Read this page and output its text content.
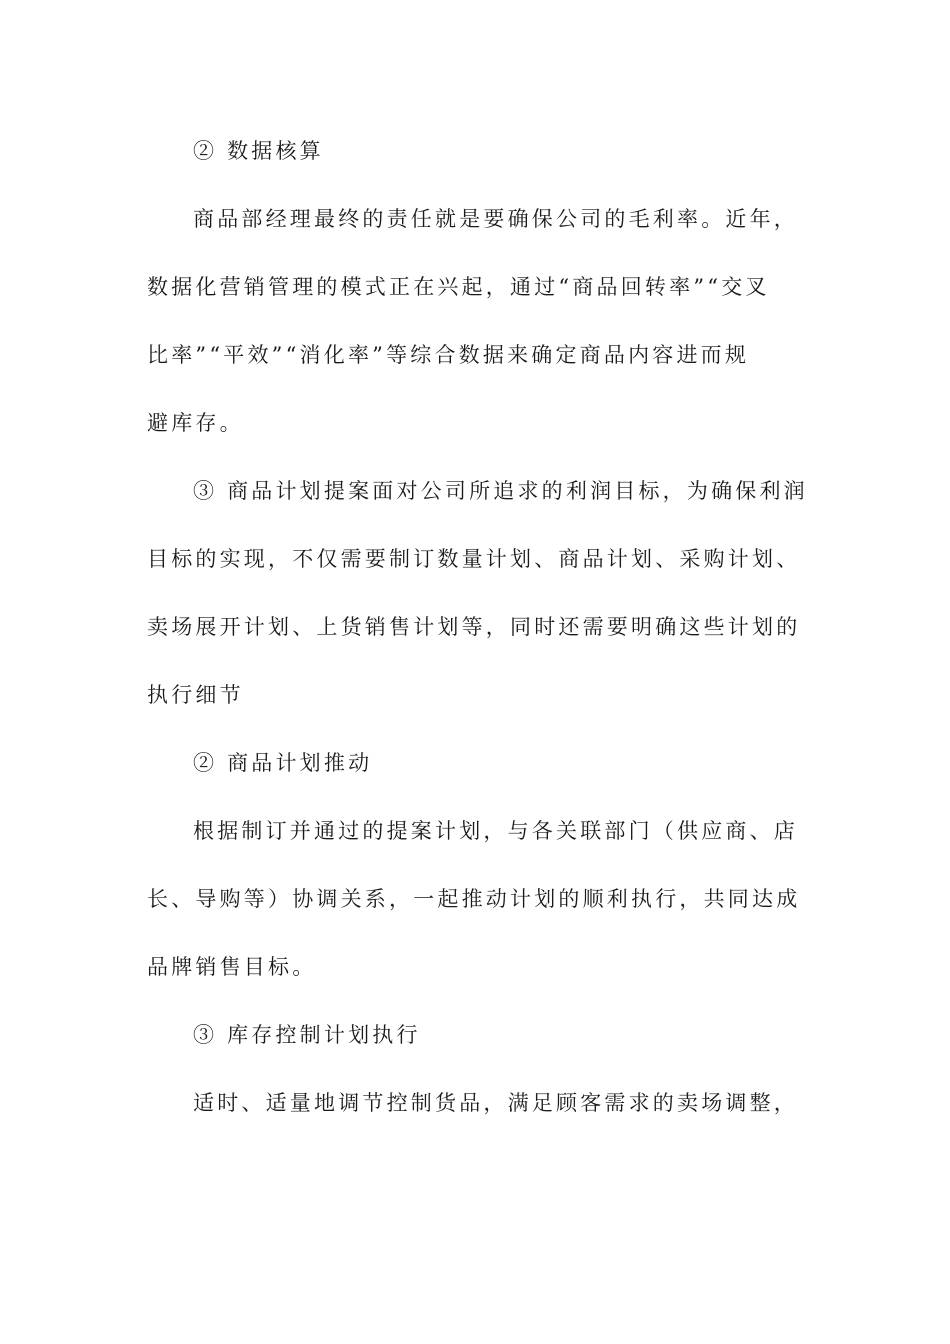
② 数据核算
商品部经理最终的责任就是要确保公司的毛利率。近年，
数据化营销管理的模式正在兴起，通过“商品回转率”“交叉
比率”“平效”“消化率”等综合数据来确定商品内容进而规
避库存。
③ 商品计划提案面对公司所追求的利润目标，为确保利润
目标的实现，不仅需要制订数量计划、商品计划、采购计划、
卖场展开计划、上货销售计划等，同时还需要明确这些计划的
执行细节
② 商品计划推动
根据制订并通过的提案计划，与各关联部门（供应商、店
长、导购等）协调关系，一起推动计划的顺利执行，共同达成
品牌销售目标。
③ 库存控制计划执行
适时、适量地调节控制货品，满足顾客需求的卖场调整，
